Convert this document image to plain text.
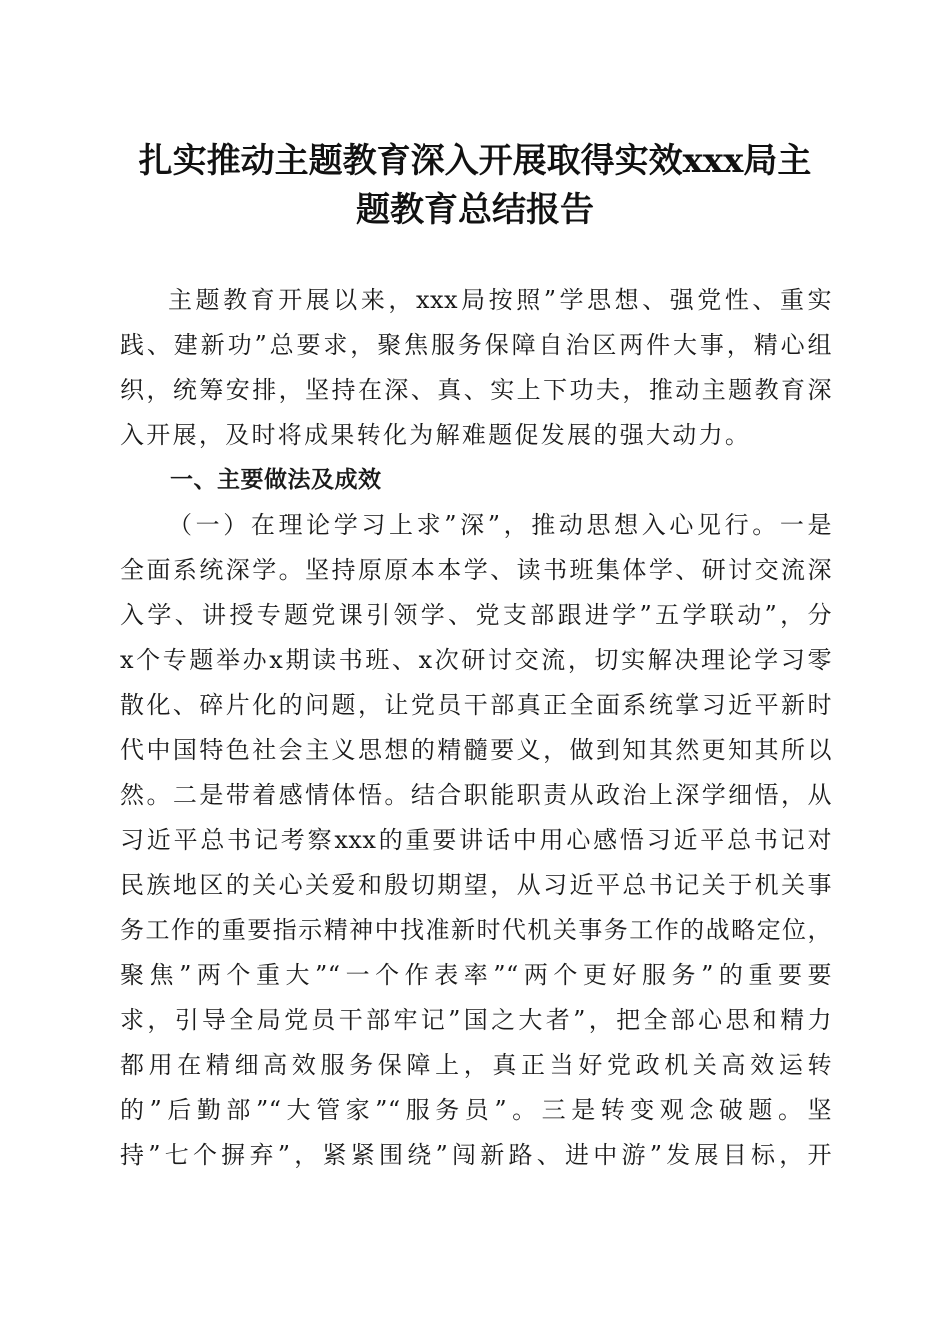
扎实推动主题教育深入开展取得实效xxx局主
题教育总结报告
主题教育开展以来，xxx局按照”学思想、强党性、重实
践、建新功”总要求，聚焦服务保障自治区两件大事，精心组
织，统筹安排，坚持在深、真、实上下功夫，推动主题教育深
入开展，及时将成果转化为解难题促发展的强大动力。
一、主要做法及成效
（一）在理论学习上求”深”，推动思想入心见行。一是
全面系统深学。坚持原原本本学、读书班集体学、研讨交流深
入学、讲授专题党课引领学、党支部跟进学”五学联动”，分
x个专题举办x期读书班、x次研讨交流，切实解决理论学习零
散化、碎片化的问题，让党员干部真正全面系统掌习近平新时
代中国特色社会主义思想的精髓要义，做到知其然更知其所以
然。二是带着感情体悟。结合职能职责从政治上深学细悟，从
习近平总书记考察xxx的重要讲话中用心感悟习近平总书记对
民族地区的关心关爱和殷切期望，从习近平总书记关于机关事
务工作的重要指示精神中找准新时代机关事务工作的战略定位，
聚焦”两个重大”“一个作表率”“两个更好服务”的重要要
求，引导全局党员干部牢记”国之大者”，把全部心思和精力
都用在精细高效服务保障上，真正当好党政机关高效运转
的”后勤部”“大管家”“服务员”。三是转变观念破题。坚
持”七个摒弃”，紧紧围绕”闯新路、进中游”发展目标，开
